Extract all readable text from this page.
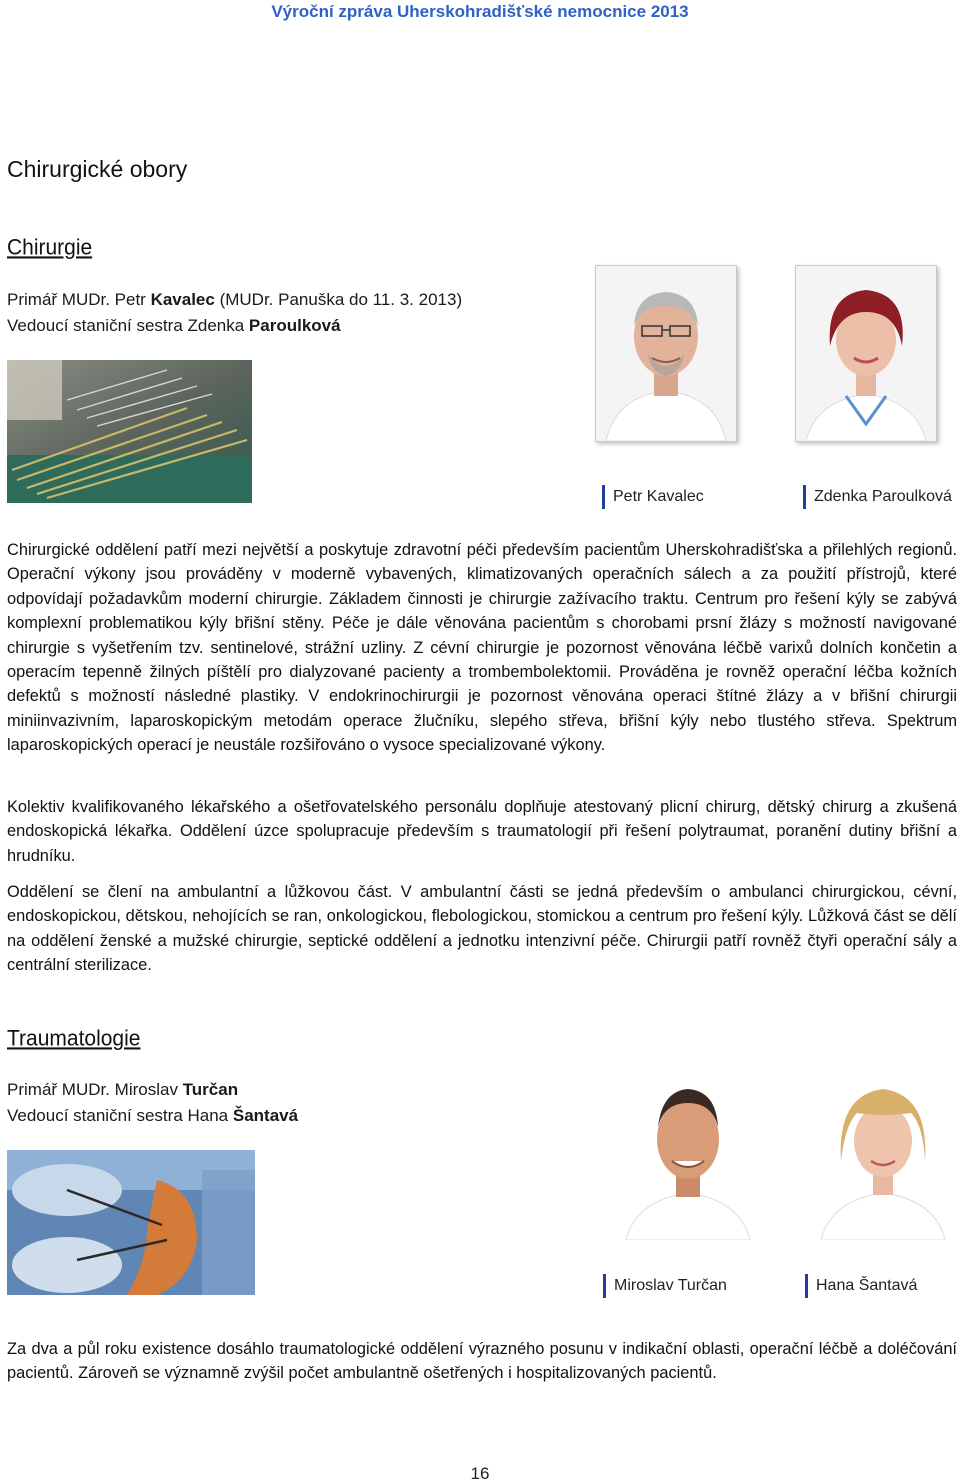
Výroční zpráva Uherskohradišťské nemocnice 2013
Chirurgické obory
Chirurgie
Primář MUDr. Petr Kavalec (MUDr. Panuška do 11. 3. 2013)
Vedoucí staniční sestra Zdenka Paroulková
Petr Kavalec	Zdenka Paroulková
Chirurgické oddělení patří mezi největší a poskytuje zdravotní péči především pacientům Uherskohradišťska a přilehlých regionů. Operační výkony jsou prováděny v moderně vybavených, klimatizovaných operačních sálech a za použití přístrojů, které odpovídají požadavkům moderní chirurgie. Základem činnosti je chirurgie zažívacího traktu. Centrum pro řešení kýly se zabývá komplexní problematikou kýly břišní stěny. Péče je dále věnována pacientům s chorobami prsní žlázy s možností navigované chirurgie s vyšetřením tzv. sentinelové, strážní uzliny. Z cévní chirurgie je pozornost věnována léčbě varixů dolních končetin a operacím tepenně žilných píštělí pro dialyzované pacienty a trombembolektomii. Prováděna je rovněž operační léčba kožních defektů s možností následné plastiky. V endokrinochirurgii je pozornost věnována operaci štítné žlázy a v břišní chirurgii miniinvazivním, laparoskopickým metodám operace žlučníku, slepého střeva, břišní kýly nebo tlustého střeva. Spektrum laparoskopických operací je neustále rozšiřováno o vysoce specializované výkony.
Kolektiv kvalifikovaného lékařského a ošetřovatelského personálu doplňuje atestovaný plicní chirurg, dětský chirurg a zkušená endoskopická lékařka. Oddělení úzce spolupracuje především s traumatologií při řešení polytraumat, poranění dutiny břišní a hrudníku.
Oddělení se člení na ambulantní a lůžkovou část. V ambulantní části se jedná především o ambulanci chirurgickou, cévní, endoskopickou, dětskou, nehojících se ran, onkologickou, flebologickou, stomickou a centrum pro řešení kýly. Lůžková část se dělí na oddělení ženské a mužské chirurgie, septické oddělení a jednotku intenzivní péče. Chirurgii patří rovněž čtyři operační sály a centrální sterilizace.
Traumatologie
Primář MUDr. Miroslav Turčan
Vedoucí staniční sestra Hana Šantavá
Miroslav Turčan	Hana Šantavá
Za dva a půl roku existence dosáhlo traumatologické oddělení výrazného posunu v indikační oblasti, operační léčbě a doléčování pacientů. Zároveň se významně zvýšil počet ambulantně ošetřených i hospitalizovaných pacientů.
16
